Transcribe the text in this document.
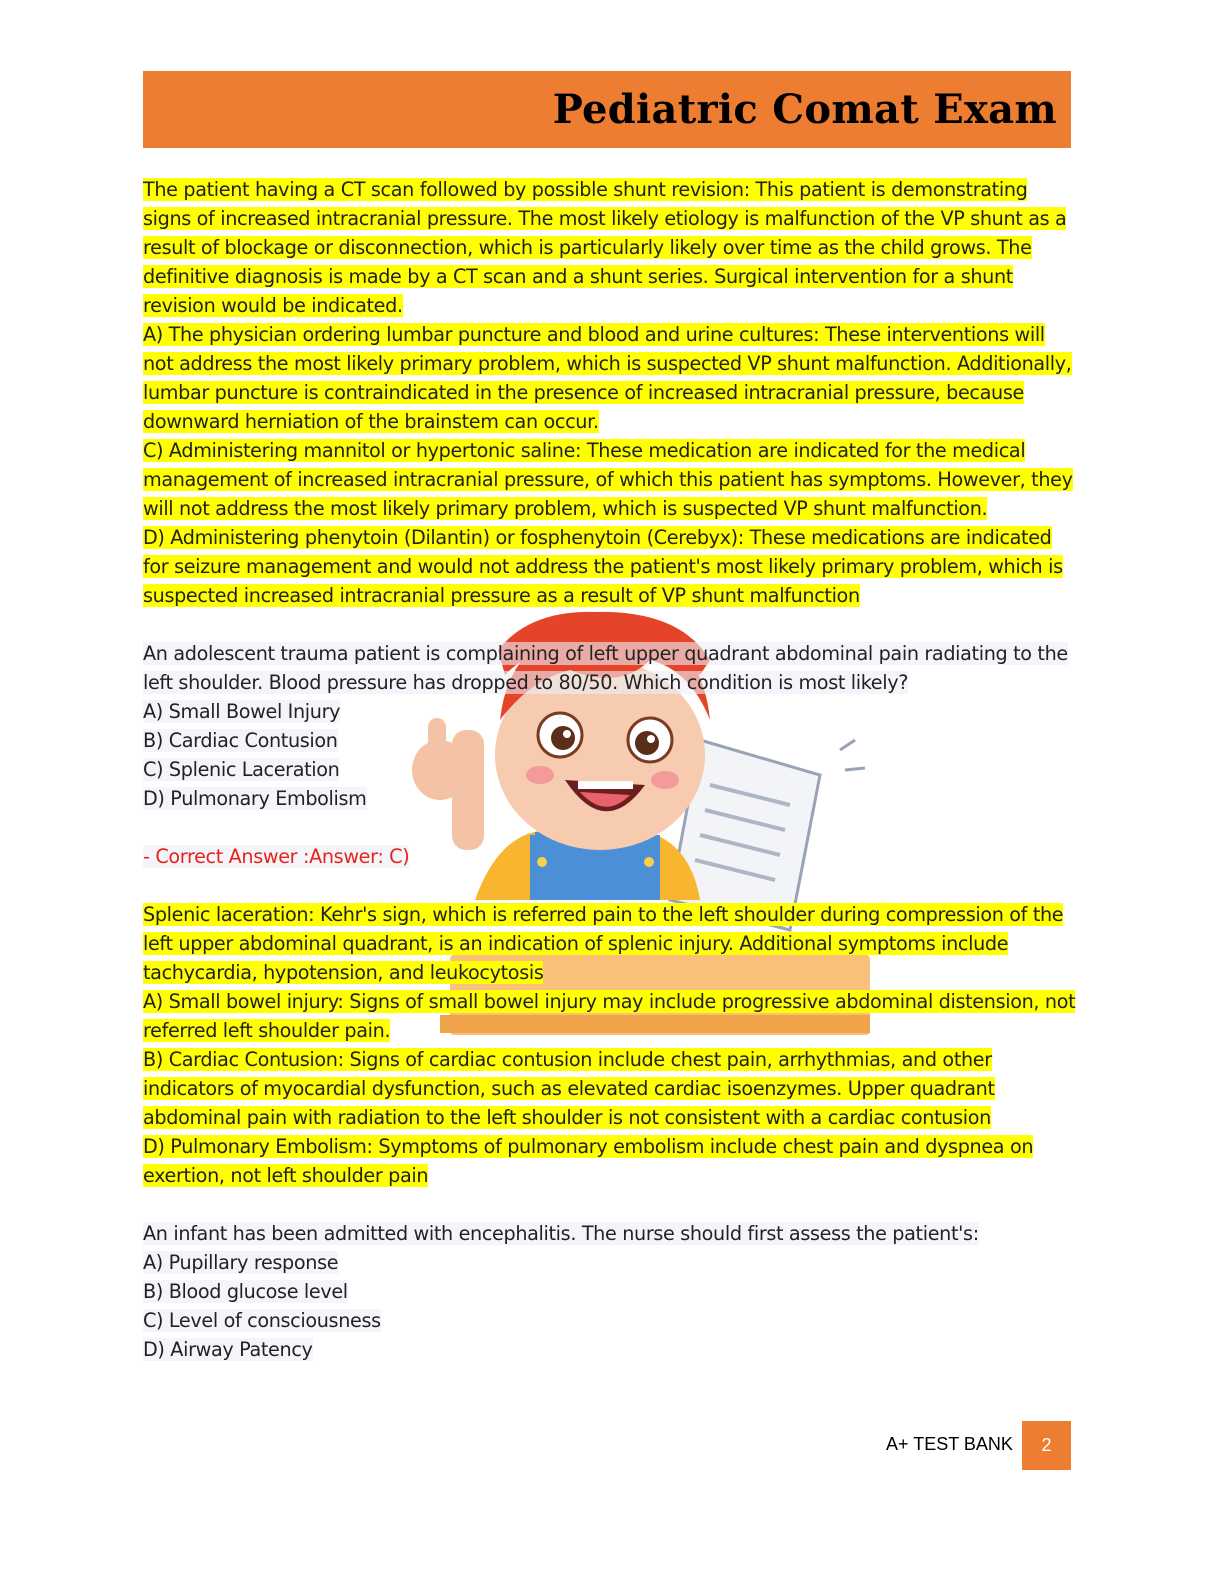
Pediatric Comat Exam

The patient having a CT scan followed by possible shunt revision: This patient is demonstrating signs of increased intracranial pressure. The most likely etiology is malfunction of the VP shunt as a result of blockage or disconnection, which is particularly likely over time as the child grows. The definitive diagnosis is made by a CT scan and a shunt series. Surgical intervention for a shunt revision would be indicated.

A) The physician ordering lumbar puncture and blood and urine cultures: These interventions will not address the most likely primary problem, which is suspected VP shunt malfunction. Additionally, lumbar puncture is contraindicated in the presence of increased intracranial pressure, because downward herniation of the brainstem can occur.

C) Administering mannitol or hypertonic saline: These medication are indicated for the medical management of increased intracranial pressure, of which this patient has symptoms. However, they will not address the most likely primary problem, which is suspected VP shunt malfunction.

D) Administering phenytoin (Dilantin) or fosphenytoin (Cerebyx): These medications are indicated for seizure management and would not address the patient's most likely primary problem, which is suspected increased intracranial pressure as a result of VP shunt malfunction

An adolescent trauma patient is complaining of left upper quadrant abdominal pain radiating to the left shoulder. Blood pressure has dropped to 80/50. Which condition is most likely?

A) Small Bowel Injury

B) Cardiac Contusion

C) Splenic Laceration

D) Pulmonary Embolism

- Correct Answer :Answer: C)

Splenic laceration: Kehr's sign, which is referred pain to the left shoulder during compression of the left upper abdominal quadrant, is an indication of splenic injury. Additional symptoms include tachycardia, hypotension, and leukocytosis

A) Small bowel injury: Signs of small bowel injury may include progressive abdominal distension, not referred left shoulder pain.

B) Cardiac Contusion: Signs of cardiac contusion include chest pain, arrhythmias, and other indicators of myocardial dysfunction, such as elevated cardiac isoenzymes. Upper quadrant abdominal pain with radiation to the left shoulder is not consistent with a cardiac contusion

D) Pulmonary Embolism: Symptoms of pulmonary embolism include chest pain and dyspnea on exertion, not left shoulder pain

An infant has been admitted with encephalitis. The nurse should first assess the patient's:

A) Pupillary response

B) Blood glucose level

C) Level of consciousness

D) Airway Patency

A+ TEST BANK	2
